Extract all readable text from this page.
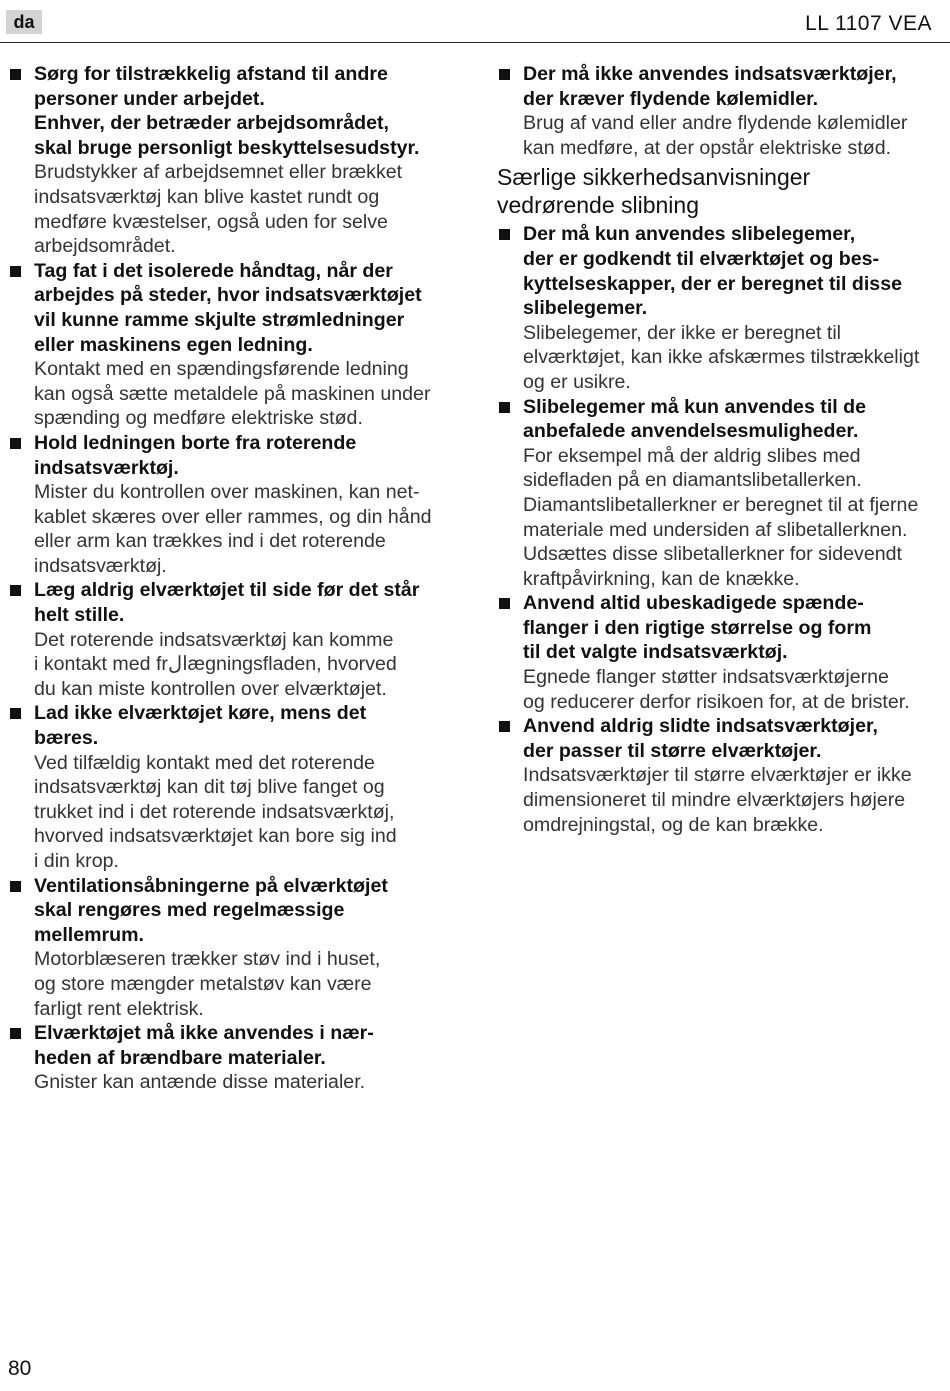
da	LL 1107 VEA
Sørg for tilstrækkelig afstand til andre
personer under arbejdet.
Enhver, der betræder arbejdsområdet,
skal bruge personligt beskyttelsesudstyr.
Brudstykker af arbejdsemnet eller brækket
indsatsværktøj kan blive kastet rundt og
medføre kvæstelser, også uden for selve
arbejdsområdet.
Tag fat i det isolerede håndtag, når der
arbejdes på steder, hvor indsatsværktøjet
vil kunne ramme skjulte strømledninger
eller maskinens egen ledning.
Kontakt med en spændingsførende ledning
kan også sætte metaldele på maskinen under
spænding og medføre elektriske stød.
Hold ledningen borte fra roterende
indsatsværktøj.
Mister du kontrollen over maskinen, kan net-
kablet skæres over eller rammes, og din hånd
eller arm kan trækkes ind i det roterende
indsatsværktøj.
Læg aldrig elværktøjet til side før det står
helt stille.
Det roterende indsatsværktøj kan komme
i kontakt med frالægningsfladen, hvorved
du kan miste kontrollen over elværktøjet.
Lad ikke elværktøjet køre, mens det
bæres.
Ved tilfældig kontakt med det roterende
indsatsværktøj kan dit tøj blive fanget og
trukket ind i det roterende indsatsværktøj,
hvorved indsatsværktøjet kan bore sig ind
i din krop.
Ventilationsåbningerne på elværktøjet
skal rengøres med regelmæssige
mellemrum.
Motorblæseren trækker støv ind i huset,
og store mængder metalstøv kan være
farligt rent elektrisk.
Elværktøjet må ikke anvendes i nær-
heden af brændbare materialer.
Gnister kan antænde disse materialer.
Der må ikke anvendes indsatsværktøjer,
der kræver flydende kølemidler.
Brug af vand eller andre flydende kølemidler
kan medføre, at der opstår elektriske stød.
Særlige sikkerhedsanvisninger
vedrørende slibning
Der må kun anvendes slibelegemer,
der er godkendt til elværktøjet og bes-
kyttelseskapper, der er beregnet til disse
slibelegemer.
Slibelegemer, der ikke er beregnet til
elværktøjet, kan ikke afskærmes tilstrækkeligt
og er usikre.
Slibelegemer må kun anvendes til de
anbefalede anvendelsesmuligheder.
For eksempel må der aldrig slibes med
sidefladen på en diamantslibetallerken.
Diamantslibetallerkner er beregnet til at fjerne
materiale med undersiden af slibetallerknen.
Udsættes disse slibetallerkner for sidevendt
kraftpåvirkning, kan de knække.
Anvend altid ubeskadigede spænde-
flanger i den rigtige størrelse og form
til det valgte indsatsværktøj.
Egnede flanger støtter indsatsværktøjerne
og reducerer derfor risikoen for, at de brister.
Anvend aldrig slidte indsatsværktøjer,
der passer til større elværktøjer.
Indsatsværktøjer til større elværktøjer er ikke
dimensioneret til mindre elværktøjers højere
omdrejningstal, og de kan brække.
80
